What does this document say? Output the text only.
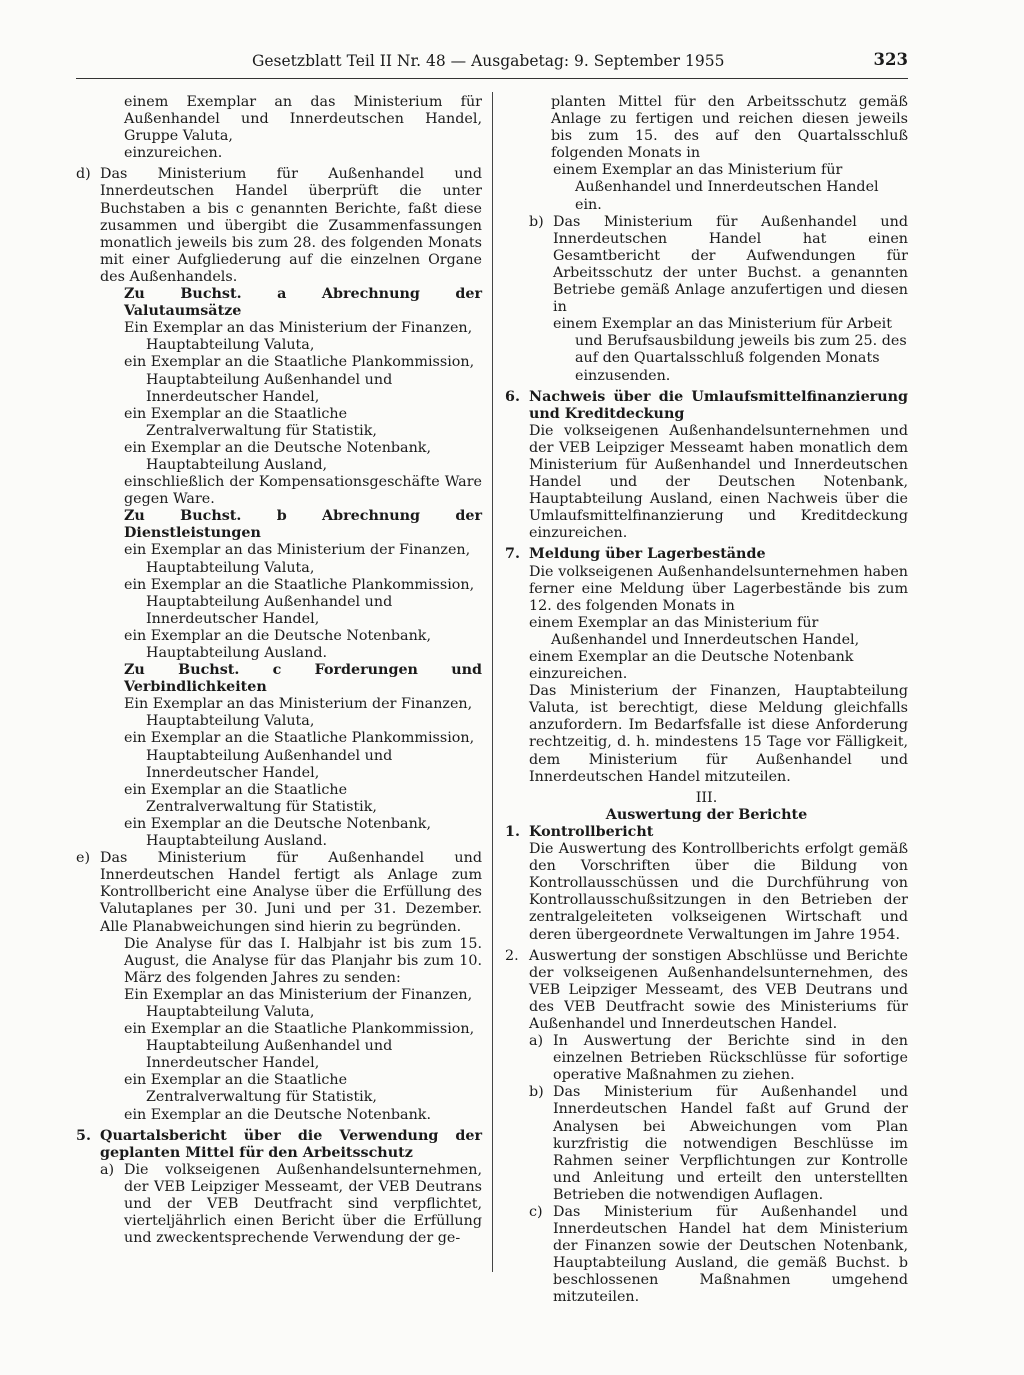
Gesetzblatt Teil II Nr. 48 — Ausgabetag: 9. September 1955	323

einem Exemplar an das Ministerium für Außenhandel und Innerdeutschen Handel, Gruppe Valuta,

einzureichen.

d) Das Ministerium für Außenhandel und Innerdeutschen Handel überprüft die unter Buchstaben a bis c genannten Berichte, faßt diese zusammen und übergibt die Zusammenfassungen monatlich jeweils bis zum 28. des folgenden Monats mit einer Aufgliederung auf die einzelnen Organe des Außenhandels.

Zu Buchst. a Abrechnung der Valutaumsätze

Ein Exemplar an das Ministerium der Finanzen, Hauptabteilung Valuta,

ein Exemplar an die Staatliche Plankommission, Hauptabteilung Außenhandel und Innerdeutscher Handel,

ein Exemplar an die Staatliche Zentralverwaltung für Statistik,

ein Exemplar an die Deutsche Notenbank, Hauptabteilung Ausland,

einschließlich der Kompensationsgeschäfte Ware gegen Ware.

Zu Buchst. b Abrechnung der Dienstleistungen

ein Exemplar an das Ministerium der Finanzen, Hauptabteilung Valuta,

ein Exemplar an die Staatliche Plankommission, Hauptabteilung Außenhandel und Innerdeutscher Handel,

ein Exemplar an die Deutsche Notenbank, Hauptabteilung Ausland.

Zu Buchst. c Forderungen und Verbindlichkeiten

Ein Exemplar an das Ministerium der Finanzen, Hauptabteilung Valuta,

ein Exemplar an die Staatliche Plankommission, Hauptabteilung Außenhandel und Innerdeutscher Handel,

ein Exemplar an die Staatliche Zentralverwaltung für Statistik,

ein Exemplar an die Deutsche Notenbank, Hauptabteilung Ausland.

e) Das Ministerium für Außenhandel und Innerdeutschen Handel fertigt als Anlage zum Kontrollbericht eine Analyse über die Erfüllung des Valutaplanes per 30. Juni und per 31. Dezember. Alle Planabweichungen sind hierin zu begründen.

Die Analyse für das I. Halbjahr ist bis zum 15. August, die Analyse für das Planjahr bis zum 10. März des folgenden Jahres zu senden:

Ein Exemplar an das Ministerium der Finanzen, Hauptabteilung Valuta,

ein Exemplar an die Staatliche Plankommission, Hauptabteilung Außenhandel und Innerdeutscher Handel,

ein Exemplar an die Staatliche Zentralverwaltung für Statistik,

ein Exemplar an die Deutsche Notenbank.

5. Quartalsbericht über die Verwendung der geplanten Mittel für den Arbeitsschutz

a) Die volkseigenen Außenhandelsunternehmen, der VEB Leipziger Messeamt, der VEB Deutrans und der VEB Deutfracht sind verpflichtet, vierteljährlich einen Bericht über die Erfüllung und zweckentsprechende Verwendung der ge-

planten Mittel für den Arbeitsschutz gemäß Anlage zu fertigen und reichen diesen jeweils bis zum 15. des auf den Quartalsschluß folgenden Monats in

einem Exemplar an das Ministerium für Außenhandel und Innerdeutschen Handel ein.

b) Das Ministerium für Außenhandel und Innerdeutschen Handel hat einen Gesamtbericht der Aufwendungen für Arbeitsschutz der unter Buchst. a genannten Betriebe gemäß Anlage anzufertigen und diesen in

einem Exemplar an das Ministerium für Arbeit und Berufsausbildung jeweils bis zum 25. des auf den Quartalsschluß folgenden Monats einzusenden.

6. Nachweis über die Umlaufsmittelfinanzierung und Kreditdeckung

Die volkseigenen Außenhandelsunternehmen und der VEB Leipziger Messeamt haben monatlich dem Ministerium für Außenhandel und Innerdeutschen Handel und der Deutschen Notenbank, Hauptabteilung Ausland, einen Nachweis über die Umlaufsmittelfinanzierung und Kreditdeckung einzureichen.

7. Meldung über Lagerbestände

Die volkseigenen Außenhandelsunternehmen haben ferner eine Meldung über Lagerbestände bis zum 12. des folgenden Monats in

einem Exemplar an das Ministerium für Außenhandel und Innerdeutschen Handel,

einem Exemplar an die Deutsche Notenbank

einzureichen.

Das Ministerium der Finanzen, Hauptabteilung Valuta, ist berechtigt, diese Meldung gleichfalls anzufordern. Im Bedarfsfalle ist diese Anforderung rechtzeitig, d. h. mindestens 15 Tage vor Fälligkeit, dem Ministerium für Außenhandel und Innerdeutschen Handel mitzuteilen.

III.

Auswertung der Berichte

1. Kontrollbericht

Die Auswertung des Kontrollberichts erfolgt gemäß den Vorschriften über die Bildung von Kontrollausschüssen und die Durchführung von Kontrollausschußsitzungen in den Betrieben der zentralgeleiteten volkseigenen Wirtschaft und deren übergeordnete Verwaltungen im Jahre 1954.

2. Auswertung der sonstigen Abschlüsse und Berichte der volkseigenen Außenhandelsunternehmen, des VEB Leipziger Messeamt, des VEB Deutrans und des VEB Deutfracht sowie des Ministeriums für Außenhandel und Innerdeutschen Handel.

a) In Auswertung der Berichte sind in den einzelnen Betrieben Rückschlüsse für sofortige operative Maßnahmen zu ziehen.

b) Das Ministerium für Außenhandel und Innerdeutschen Handel faßt auf Grund der Analysen bei Abweichungen vom Plan kurzfristig die notwendigen Beschlüsse im Rahmen seiner Verpflichtungen zur Kontrolle und Anleitung und erteilt den unterstellten Betrieben die notwendigen Auflagen.

c) Das Ministerium für Außenhandel und Innerdeutschen Handel hat dem Ministerium der Finanzen sowie der Deutschen Notenbank, Hauptabteilung Ausland, die gemäß Buchst. b beschlossenen Maßnahmen umgehend mitzuteilen.
